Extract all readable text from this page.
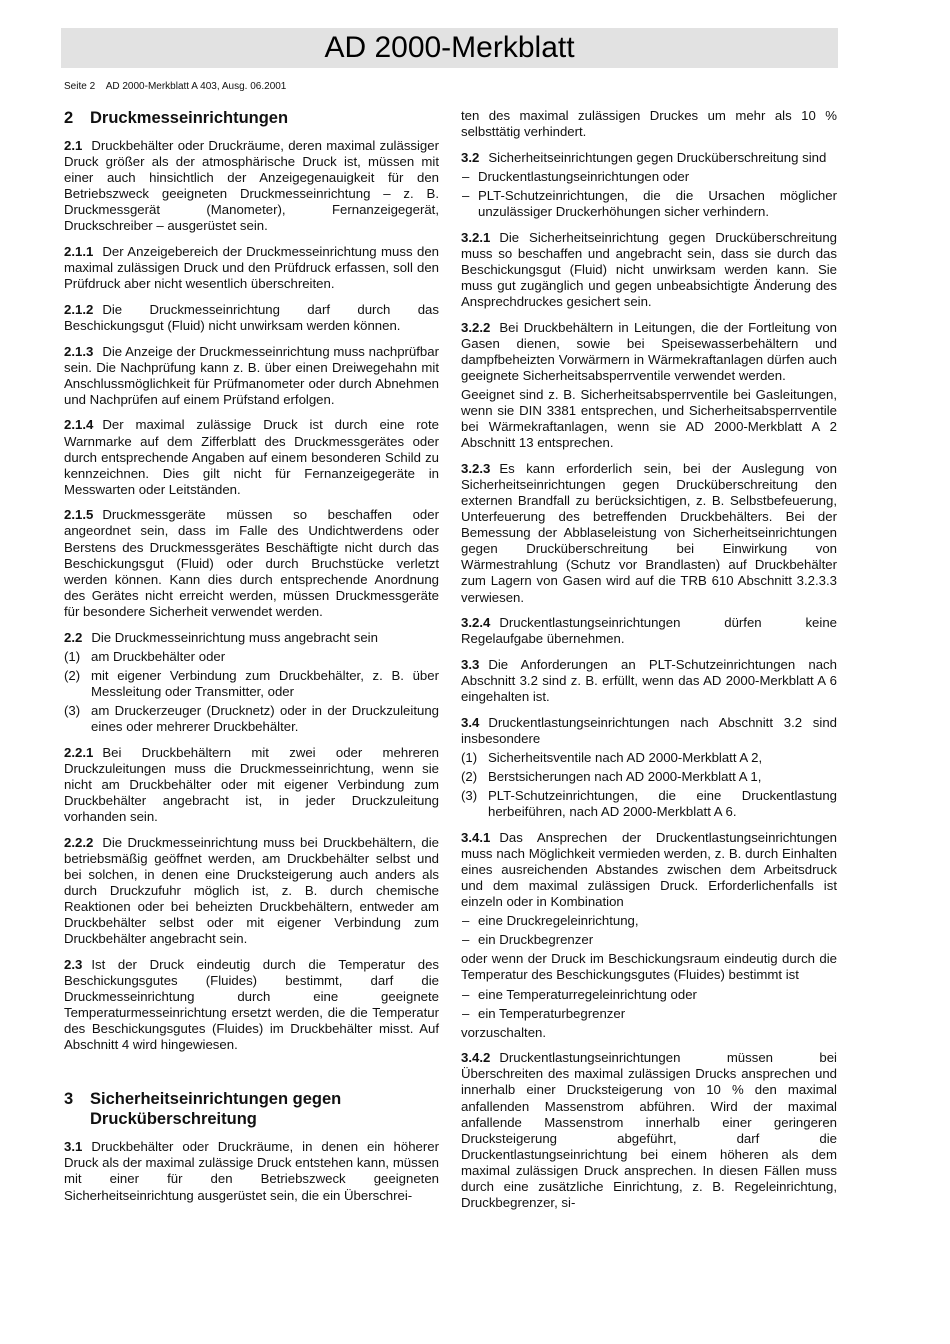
AD 2000-Merkblatt
Seite 2    AD 2000-Merkblatt A 403, Ausg. 06.2001
2 Druckmesseinrichtungen

2.1 Druckbehälter oder Druckräume, deren maximal zulässiger Druck größer als der atmosphärische Druck ist, müssen mit einer auch hinsichtlich der Anzeigegenauigkeit für den Betriebszweck geeigneten Druckmesseinrichtung – z. B. Druckmessgerät (Manometer), Fernanzeigegerät, Druckschreiber – ausgerüstet sein.

2.1.1 Der Anzeigebereich der Druckmesseinrichtung muss den maximal zulässigen Druck und den Prüfdruck erfassen, soll den Prüfdruck aber nicht wesentlich überschreiten.

2.1.2 Die Druckmesseinrichtung darf durch das Beschickungsgut (Fluid) nicht unwirksam werden können.

2.1.3 Die Anzeige der Druckmesseinrichtung muss nachprüfbar sein. Die Nachprüfung kann z. B. über einen Dreiwegehahn mit Anschlussmöglichkeit für Prüfmanometer oder durch Abnehmen und Nachprüfen auf einem Prüfstand erfolgen.

2.1.4 Der maximal zulässige Druck ist durch eine rote Warnmarke auf dem Zifferblatt des Druckmessgerätes oder durch entsprechende Angaben auf einem besonderen Schild zu kennzeichnen. Dies gilt nicht für Fernanzeigegeräte in Messwarten oder Leitständen.

2.1.5 Druckmessgeräte müssen so beschaffen oder angeordnet sein, dass im Falle des Undichtwerdens oder Berstens des Druckmessgerätes Beschäftigte nicht durch das Beschickungsgut (Fluid) oder durch Bruchstücke verletzt werden können. Kann dies durch entsprechende Anordnung des Gerätes nicht erreicht werden, müssen Druckmessgeräte für besondere Sicherheit verwendet werden.

2.2 Die Druckmesseinrichtung muss angebracht sein

(1) am Druckbehälter oder
(2) mit eigener Verbindung zum Druckbehälter, z. B. über Messleitung oder Transmitter, oder
(3) am Druckerzeuger (Drucknetz) oder in der Druckzuleitung eines oder mehrerer Druckbehälter.

2.2.1 Bei Druckbehältern mit zwei oder mehreren Druckzuleitungen muss die Druckmesseinrichtung, wenn sie nicht am Druckbehälter oder mit eigener Verbindung zum Druckbehälter angebracht ist, in jeder Druckzuleitung vorhanden sein.

2.2.2 Die Druckmesseinrichtung muss bei Druckbehältern, die betriebsmäßig geöffnet werden, am Druckbehälter selbst und bei solchen, in denen eine Drucksteigerung auch anders als durch Druckzufuhr möglich ist, z. B. durch chemische Reaktionen oder bei beheizten Druckbehältern, entweder am Druckbehälter selbst oder mit eigener Verbindung zum Druckbehälter angebracht sein.

2.3 Ist der Druck eindeutig durch die Temperatur des Beschickungsgutes (Fluides) bestimmt, darf die Druckmesseinrichtung durch eine geeignete Temperaturmesseinrichtung ersetzt werden, die die Temperatur des Beschickungsgutes (Fluides) im Druckbehälter misst. Auf Abschnitt 4 wird hingewiesen.

3	Sicherheitseinrichtungen gegen Drucküberschreitung

3.1 Druckbehälter oder Druckräume, in denen ein höherer Druck als der maximal zulässige Druck entstehen kann, müssen mit einer für den Betriebszweck geeigneten Sicherheitseinrichtung ausgerüstet sein, die ein Überschrei-

ten des maximal zulässigen Druckes um mehr als 10 % selbsttätig verhindert.

3.2 Sicherheitseinrichtungen gegen Drucküberschreitung sind

– Druckentlastungseinrichtungen oder
– PLT-Schutzeinrichtungen, die die Ursachen möglicher unzulässiger Druckerhöhungen sicher verhindern.

3.2.1 Die Sicherheitseinrichtung gegen Drucküberschreitung muss so beschaffen und angebracht sein, dass sie durch das Beschickungsgut (Fluid) nicht unwirksam werden kann. Sie muss gut zugänglich und gegen unbeabsichtigte Änderung des Ansprechdruckes gesichert sein.

3.2.2 Bei Druckbehältern in Leitungen, die der Fortleitung von Gasen dienen, sowie bei Speisewasserbehältern und dampfbeheizten Vorwärmern in Wärmekraftanlagen dürfen auch geeignete Sicherheitsabsperrventile verwendet werden.

Geeignet sind z. B. Sicherheitsabsperrventile bei Gasleitungen, wenn sie DIN 3381 entsprechen, und Sicherheitsabsperrventile bei Wärmekraftanlagen, wenn sie AD 2000-Merkblatt A 2 Abschnitt 13 entsprechen.

3.2.3 Es kann erforderlich sein, bei der Auslegung von Sicherheitseinrichtungen gegen Drucküberschreitung den externen Brandfall zu berücksichtigen, z. B. Selbstbefeuerung, Unterfeuerung des betreffenden Druckbehälters. Bei der Bemessung der Abblaseleistung von Sicherheitseinrichtungen gegen Drucküberschreitung bei Einwirkung von Wärmestrahlung (Schutz vor Brandlasten) auf Druckbehälter zum Lagern von Gasen wird auf die TRB 610 Abschnitt 3.2.3.3 verwiesen.

3.2.4 Druckentlastungseinrichtungen dürfen keine Regelaufgabe übernehmen.

3.3 Die Anforderungen an PLT-Schutzeinrichtungen nach Abschnitt 3.2 sind z. B. erfüllt, wenn das AD 2000-Merkblatt A 6 eingehalten ist.

3.4 Druckentlastungseinrichtungen nach Abschnitt 3.2 sind insbesondere

(1) Sicherheitsventile nach AD 2000-Merkblatt A 2,
(2) Berstsicherungen nach AD 2000-Merkblatt A 1,
(3) PLT-Schutzeinrichtungen, die eine Druckentlastung herbeiführen, nach AD 2000-Merkblatt A 6.

3.4.1 Das Ansprechen der Druckentlastungseinrichtungen muss nach Möglichkeit vermieden werden, z. B. durch Einhalten eines ausreichenden Abstandes zwischen dem Arbeitsdruck und dem maximal zulässigen Druck. Erforderlichenfalls ist einzeln oder in Kombination

– eine Druckregeleinrichtung,
– ein Druckbegrenzer

oder wenn der Druck im Beschickungsraum eindeutig durch die Temperatur des Beschickungsgutes (Fluides) bestimmt ist

– eine Temperaturregeleinrichtung oder
– ein Temperaturbegrenzer

vorzuschalten.

3.4.2 Druckentlastungseinrichtungen müssen bei Überschreiten des maximal zulässigen Drucks ansprechen und innerhalb einer Drucksteigerung von 10 % den maximal anfallenden Massenstrom abführen. Wird der maximal anfallende Massenstrom innerhalb einer geringeren Drucksteigerung abgeführt, darf die Druckentlastungseinrichtung bei einem höheren als dem maximal zulässigen Druck ansprechen. In diesen Fällen muss durch eine zusätzliche Einrichtung, z. B. Regeleinrichtung, Druckbegrenzer, si-
